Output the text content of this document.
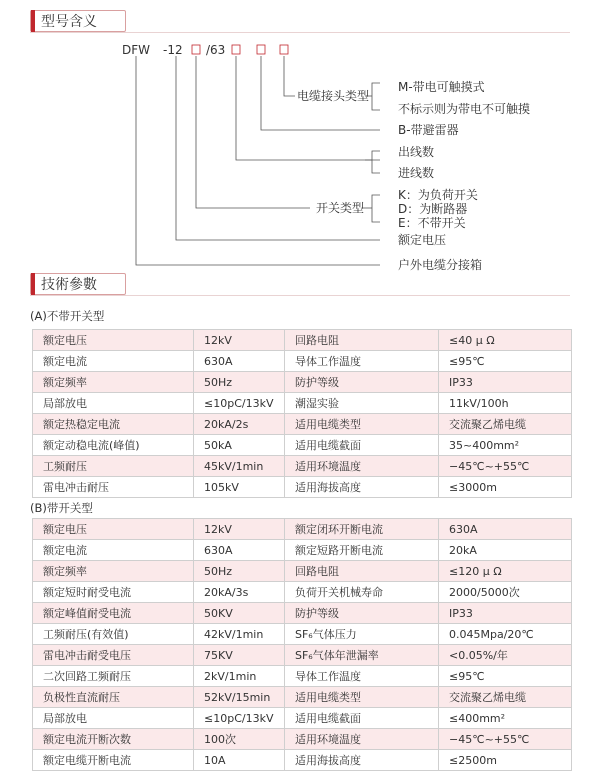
型号含义
DFW -12 /63
电缆接头类型
M-带电可触摸式
不标示则为带电不可触摸
B-带避雷器
出线数
进线数
开关类型
K：为负荷开关
D：为断路器
E：不带开关
额定电压
户外电缆分接箱
技術參數
(A)不带开关型
额定电压	12kV	回路电阻	≤40 μ Ω
额定电流	630A	导体工作温度	≤95℃
额定频率	50Hz	防护等级	IP33
局部放电	≤10pC/13kV	潮湿实验	11kV/100h
额定热稳定电流	20kA/2s	适用电缆类型	交流聚乙烯电缆
额定动稳电流(峰值)	50kA	适用电缆截面	35~400mm²
工频耐压	45kV/1min	适用环境温度	−45℃~+55℃
雷电冲击耐压	105kV	适用海拔高度	≤3000m
(B)带开关型
额定电压	12kV	额定闭环开断电流	630A
额定电流	630A	额定短路开断电流	20kA
额定频率	50Hz	回路电阻	≤120 μ Ω
额定短时耐受电流	20kA/3s	负荷开关机械寿命	2000/5000次
额定峰值耐受电流	50KV	防护等级	IP33
工频耐压(有效值)	42kV/1min	SF₆气体压力	0.045Mpa/20℃
雷电冲击耐受电压	75KV	SF₆气体年泄漏率	<0.05%/年
二次回路工频耐压	2kV/1min	导体工作温度	≤95℃
负极性直流耐压	52kV/15min	适用电缆类型	交流聚乙烯电缆
局部放电	≤10pC/13kV	适用电缆截面	≤400mm²
额定电流开断次数	100次	适用环境温度	−45℃~+55℃
额定电缆开断电流	10A	适用海拔高度	≤2500m
